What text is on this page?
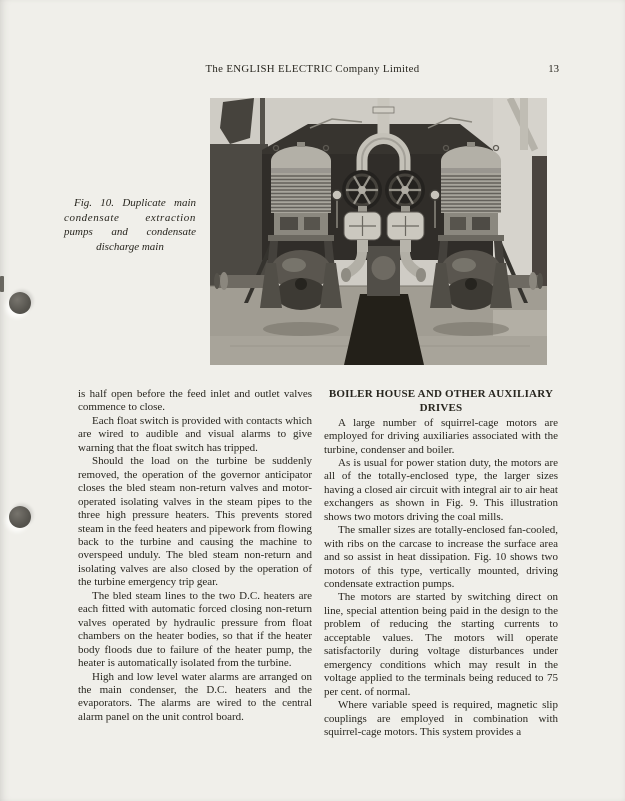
The ENGLISH ELECTRIC Company Limited	13
Fig. 10. Duplicate main
condensate extraction
pumps and condensate
discharge main

is half open before the feed inlet and outlet valves commence to close.

Each float switch is provided with contacts which are wired to audible and visual alarms to give warning that the float switch has tripped.

Should the load on the turbine be suddenly removed, the operation of the governor anticipator closes the bled steam non-return valves and motor-operated isolating valves in the steam pipes to the three high pressure heaters. This prevents stored steam in the feed heaters and pipework from flowing back to the turbine and causing the machine to overspeed unduly. The bled steam non-return and isolating valves are also closed by the operation of the turbine emergency trip gear.

The bled steam lines to the two D.C. heaters are each fitted with automatic forced closing non-return valves operated by hydraulic pressure from float chambers on the heater bodies, so that if the heater body floods due to failure of the heater pump, the heater is automatically isolated from the turbine.

High and low level water alarms are arranged on the main condenser, the D.C. heaters and the evaporators. The alarms are wired to the central alarm panel on the unit control board.

BOILER HOUSE AND OTHER AUXILIARY
DRIVES

A large number of squirrel-cage motors are employed for driving auxiliaries associated with the turbine, condenser and boiler.

As is usual for power station duty, the motors are all of the totally-enclosed type, the larger sizes having a closed air circuit with integral air to air heat exchangers as shown in Fig. 9. This illustration shows two motors driving the coal mills.

The smaller sizes are totally-enclosed fan-cooled, with ribs on the carcase to increase the surface area and so assist in heat dissipation. Fig. 10 shows two motors of this type, vertically mounted, driving condensate extraction pumps.

The motors are started by switching direct on line, special attention being paid in the design to the problem of reducing the starting currents to acceptable values. The motors will operate satisfactorily during voltage disturbances under emergency conditions which may result in the voltage applied to the terminals being reduced to 75 per cent. of normal.

Where variable speed is required, magnetic slip couplings are employed in combination with squirrel-cage motors. This system provides a
